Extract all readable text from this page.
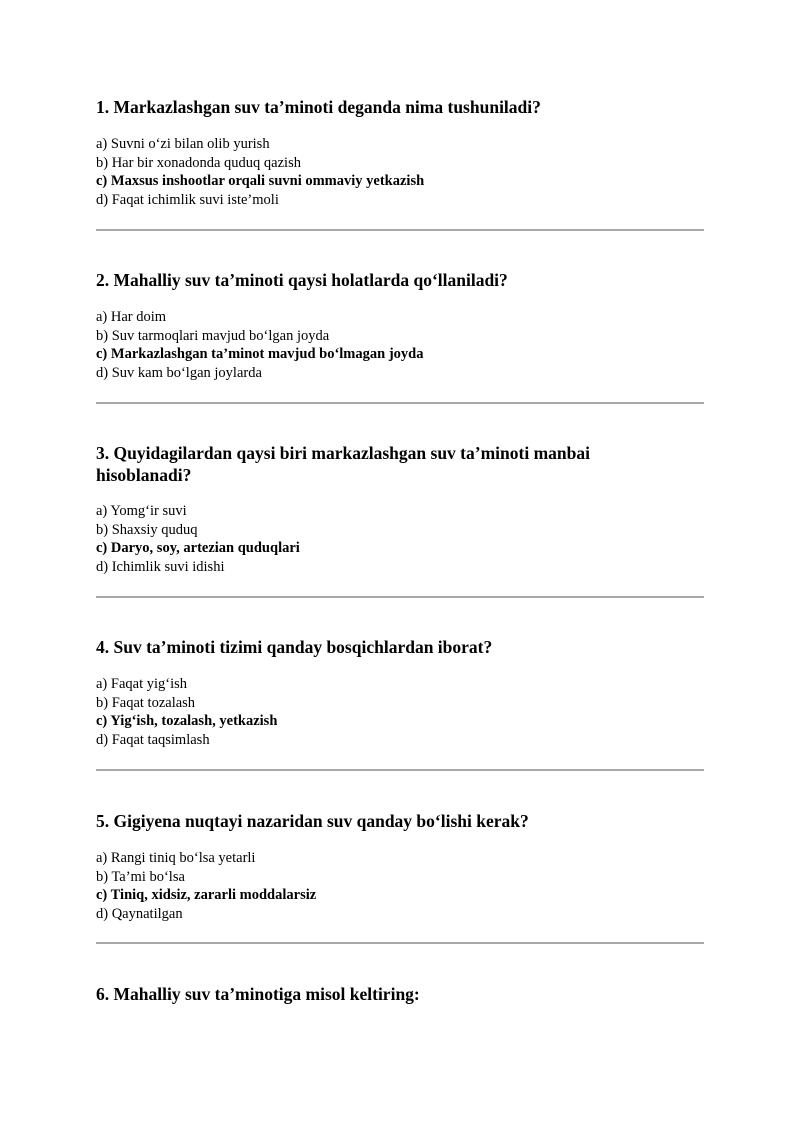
1. Markazlashgan suv ta’minoti deganda nima tushuniladi?

a) Suvni o‘zi bilan olib yurish
b) Har bir xonadonda quduq qazish
c) Maxsus inshootlar orqali suvni ommaviy yetkazish
d) Faqat ichimlik suvi iste’moli

2. Mahalliy suv ta’minoti qaysi holatlarda qo‘llaniladi?

a) Har doim
b) Suv tarmoqlari mavjud bo‘lgan joyda
c) Markazlashgan ta’minot mavjud bo‘lmagan joyda
d) Suv kam bo‘lgan joylarda

3. Quyidagilardan qaysi biri markazlashgan suv ta’minoti manbai hisoblanadi?

a) Yomg‘ir suvi
b) Shaxsiy quduq
c) Daryo, soy, artezian quduqlari
d) Ichimlik suvi idishi

4. Suv ta’minoti tizimi qanday bosqichlardan iborat?

a) Faqat yig‘ish
b) Faqat tozalash
c) Yig‘ish, tozalash, yetkazish
d) Faqat taqsimlash

5. Gigiyena nuqtayi nazaridan suv qanday bo‘lishi kerak?

a) Rangi tiniq bo‘lsa yetarli
b) Ta’mi bo‘lsa
c) Tiniq, xidsiz, zararli moddalarsiz
d) Qaynatilgan

6. Mahalliy suv ta’minotiga misol keltiring:
